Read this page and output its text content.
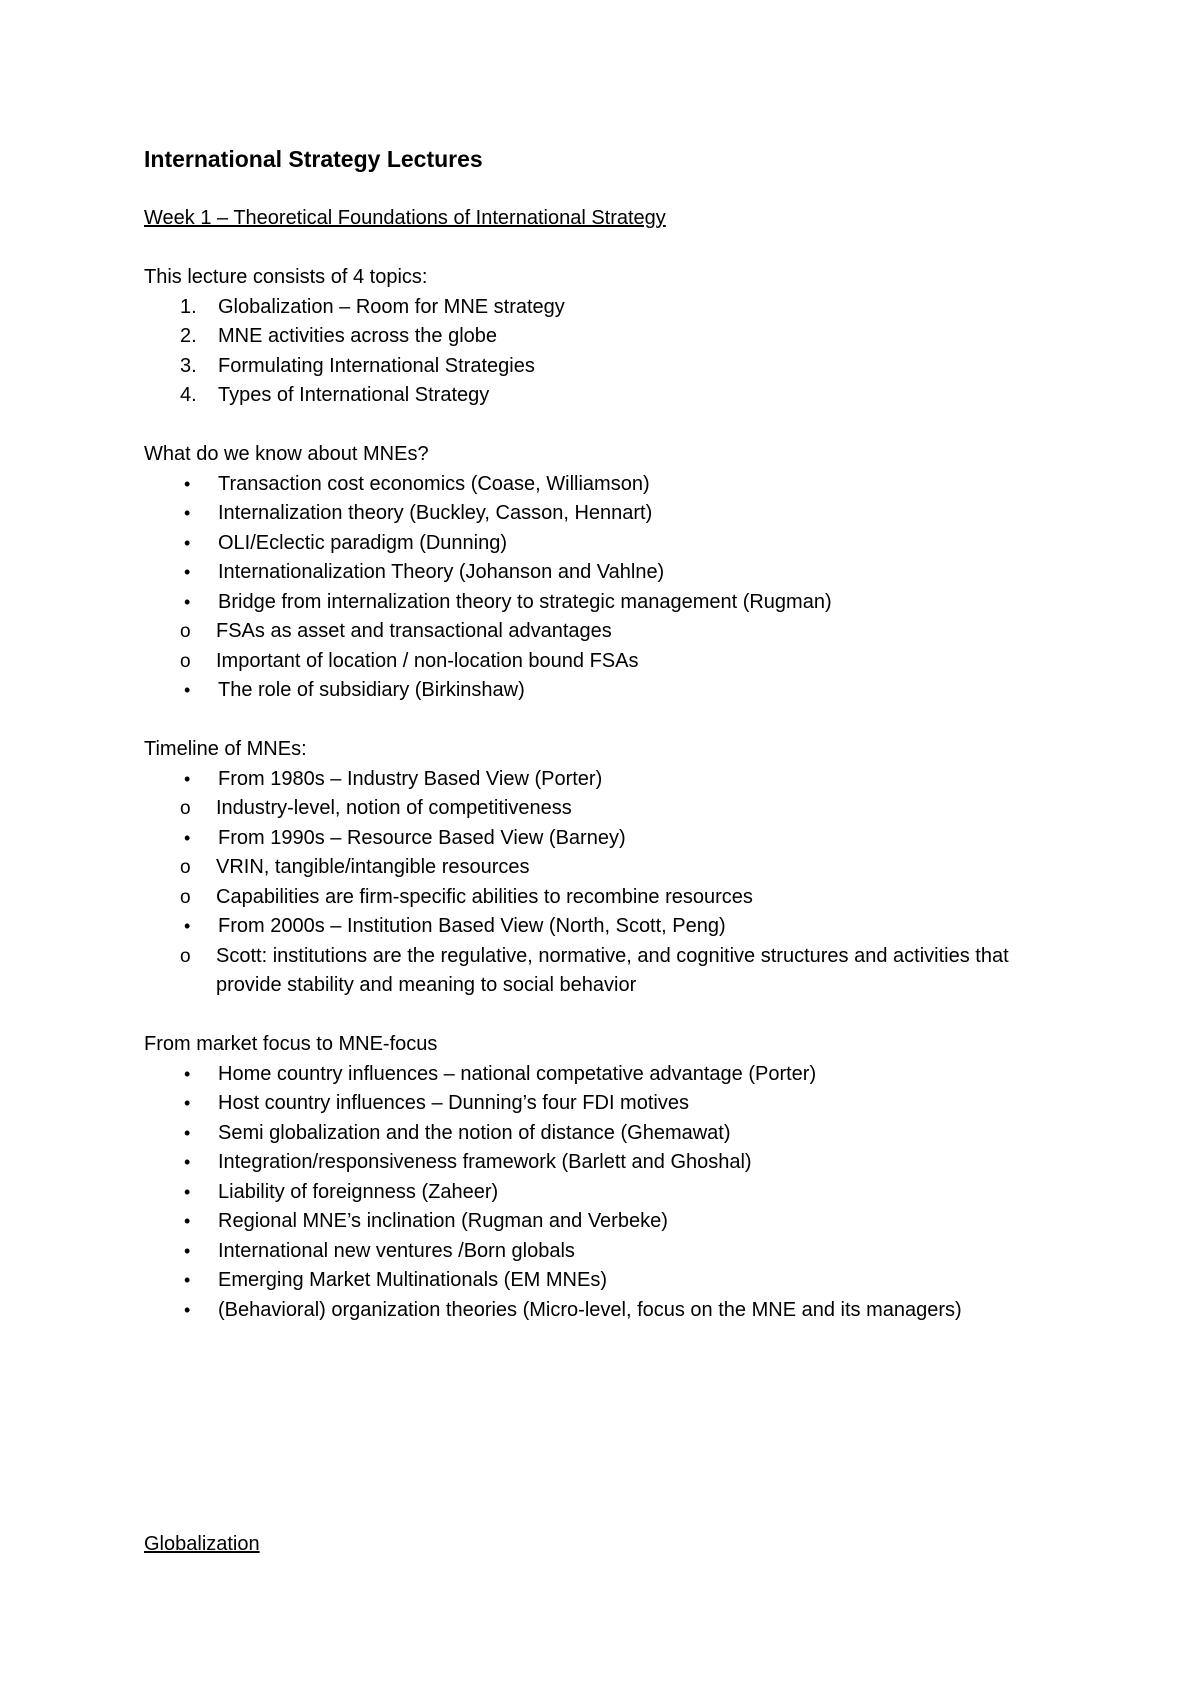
International Strategy Lectures

Week 1 – Theoretical Foundations of International Strategy

This lecture consists of 4 topics:

1.	Globalization – Room for MNE strategy
2.	MNE activities across the globe
3.	Formulating International Strategies
4.	Types of International Strategy

What do we know about MNEs?

•	Transaction cost economics (Coase, Williamson)
•	Internalization theory (Buckley, Casson, Hennart)
•	OLI/Eclectic paradigm (Dunning)
•	Internationalization Theory (Johanson and Vahlne)
•	Bridge from internalization theory to strategic management (Rugman)
o	FSAs as asset and transactional advantages
o	Important of location / non-location bound FSAs
•	The role of subsidiary (Birkinshaw)

Timeline of MNEs:

•	From 1980s – Industry Based View (Porter)
o	Industry-level, notion of competitiveness
•	From 1990s – Resource Based View (Barney)
o	VRIN, tangible/intangible resources
o	Capabilities are firm-specific abilities to recombine resources
•	From 2000s – Institution Based View (North, Scott, Peng)
o	Scott: institutions are the regulative, normative, and cognitive structures and activities that provide stability and meaning to social behavior

From market focus to MNE-focus

•	Home country influences – national competative advantage (Porter)
•	Host country influences – Dunning’s four FDI motives
•	Semi globalization and the notion of distance (Ghemawat)
•	Integration/responsiveness framework (Barlett and Ghoshal)
•	Liability of foreignness (Zaheer)
•	Regional MNE’s inclination (Rugman and Verbeke)
•	International new ventures /Born globals
•	Emerging Market Multinationals (EM MNEs)
•	(Behavioral) organization theories (Micro-level, focus on the MNE and its managers)

Globalization
